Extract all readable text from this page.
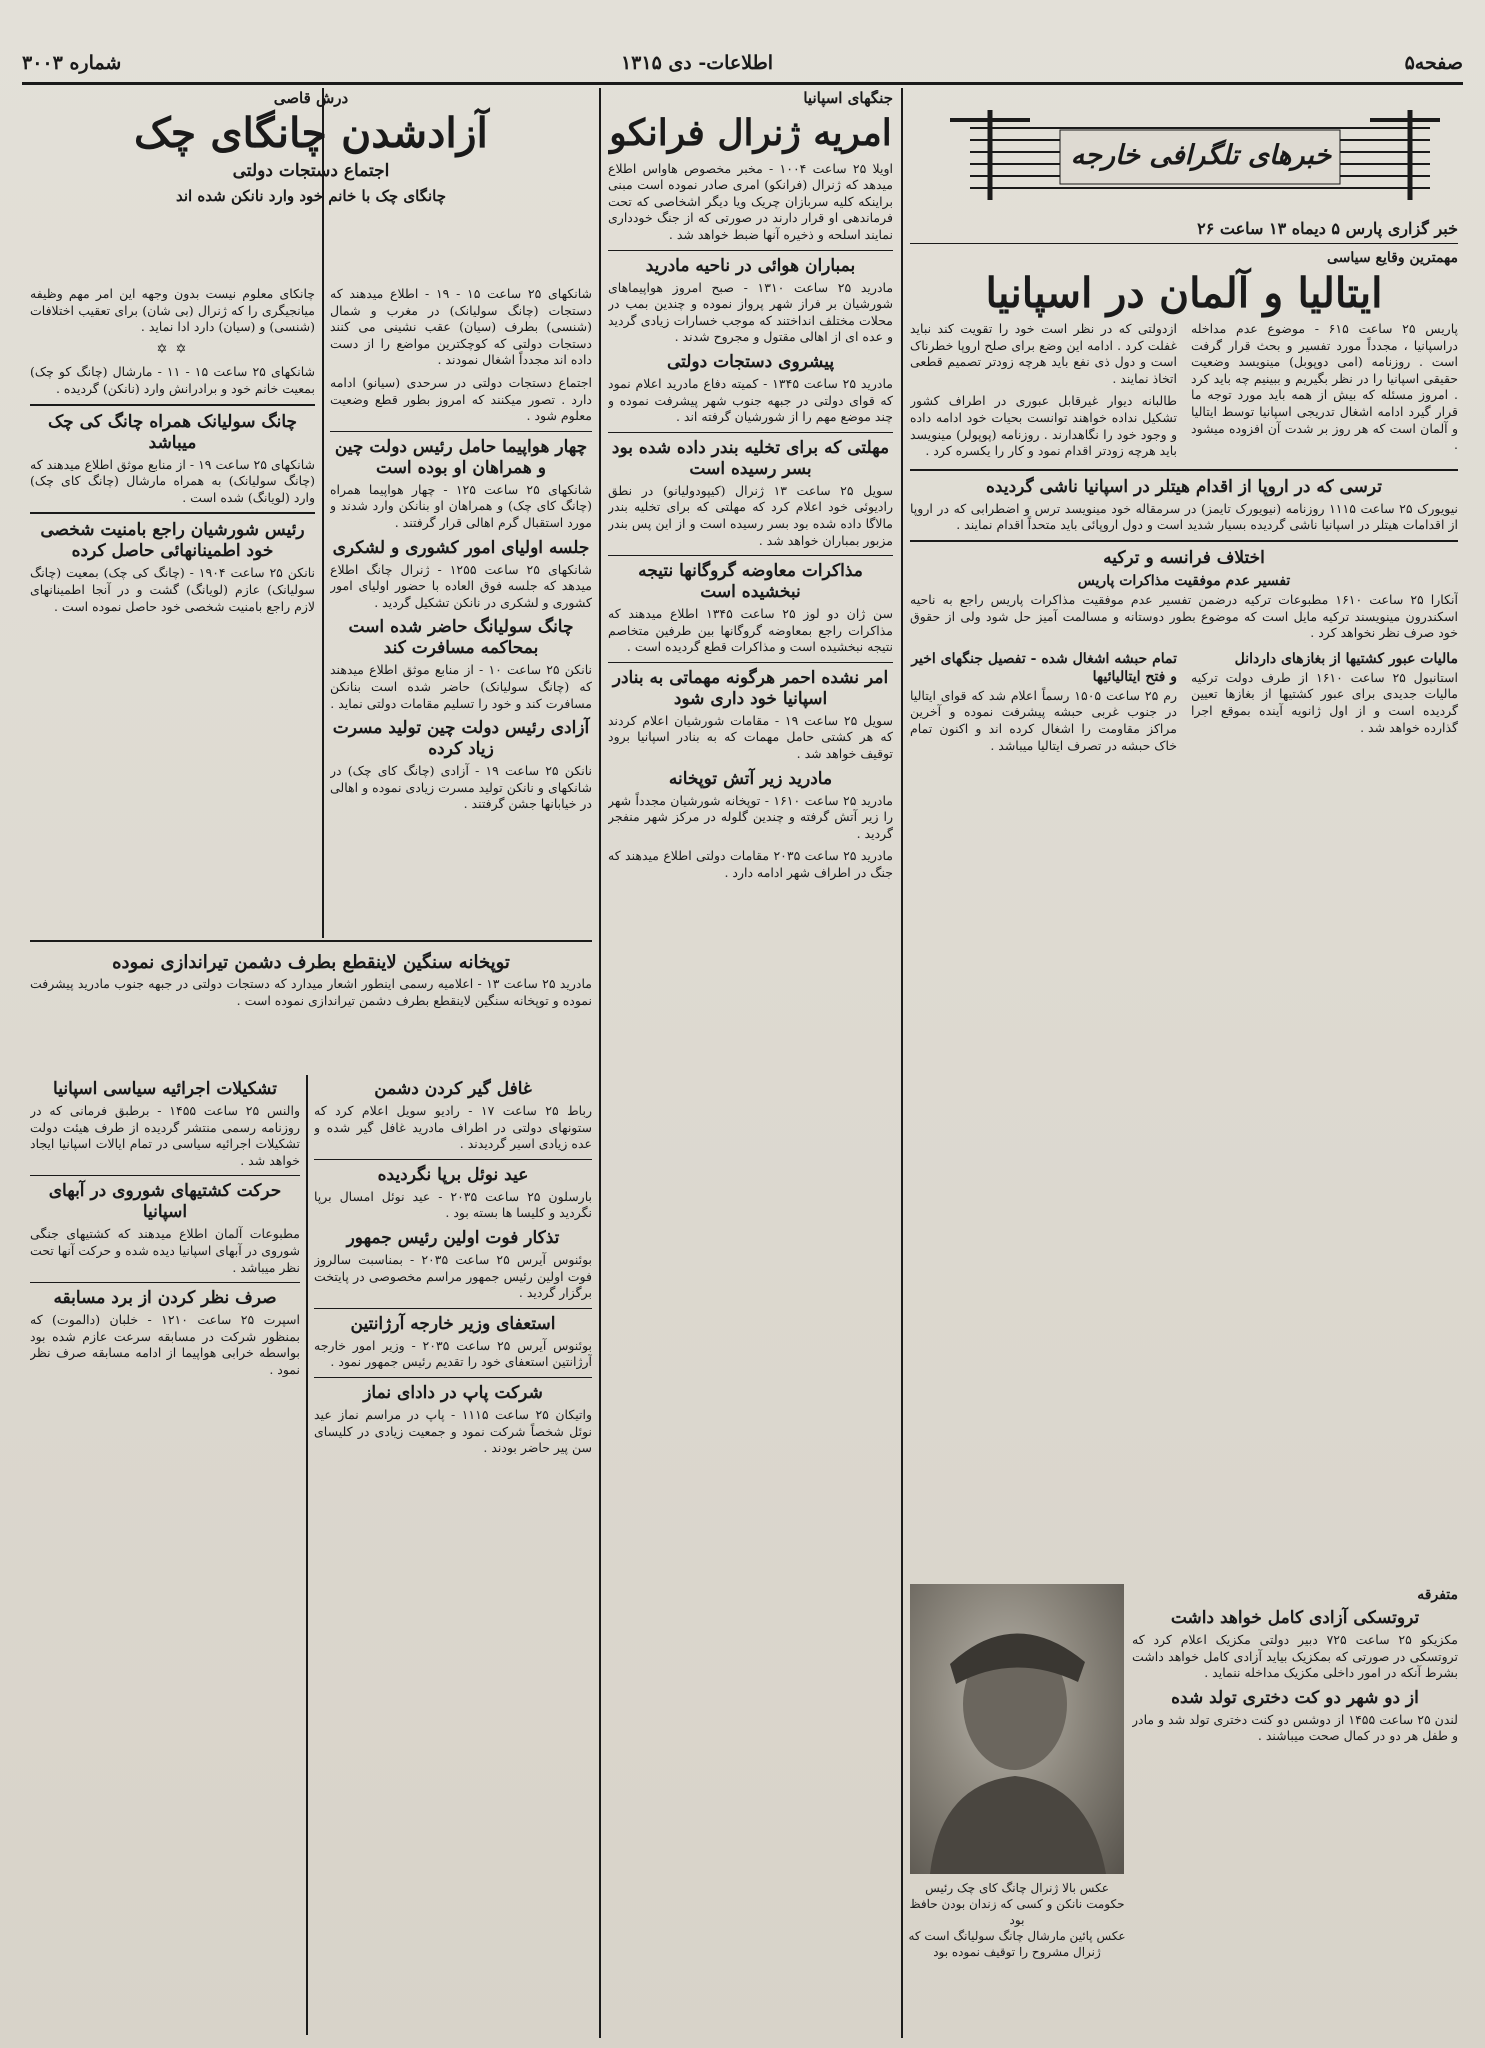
صفحه۵
اطلاعات- دی ۱۳۱۵
شماره ۳۰۰۳
خبرهای تلگرافی خارجه
خبر گزاری پارس ۵ دیماه ۱۳ ساعت ۲۶
مهمترین وقایع سیاسی
ایتالیا و آلمان در اسپانیا

پاریس ۲۵ ساعت ۶۱۵ - موضوع عدم مداخله دراسپانیا ، مجدداً مورد تفسیر و بحث قرار گرفت است . روزنامه (امی دوپوبل) مینویسد وضعیت حقیقی اسپانیا را در نظر بگیریم و ببینیم چه باید کرد . امروز مسئله که بیش از همه باید مورد توجه ما قرار گیرد ادامه اشغال تدریجی اسپانیا توسط ایتالیا و آلمان است که هر روز بر شدت آن افزوده میشود .

ازدولتی که در نظر است خود را تقویت کند نباید غفلت کرد . ادامه این وضع برای صلح اروپا خطرناک است و دول ذی نفع باید هرچه زودتر تصمیم قطعی اتخاذ نمایند .

طالبانه دیوار غیرقابل عبوری در اطراف کشور تشکیل نداده خواهند توانست بحیات خود ادامه داده و وجود خود را نگاهدارند . روزنامه (پوپولر) مینویسد باید هرچه زودتر اقدام نمود و کار را یکسره کرد .

ترسی که در اروپا از اقدام هیتلر در اسپانیا ناشی گردیده

نیویورک ۲۵ ساعت ۱۱۱۵ روزنامه (نیویورک تایمز) در سرمقاله خود مینویسد ترس و اضطرابی که در اروپا از اقدامات هیتلر در اسپانیا ناشی گردیده بسیار شدید است و دول اروپائی باید متحداً اقدام نمایند .

اختلاف فرانسه و ترکیه
تفسیر عدم موفقیت مذاکرات پاریس

آنکارا ۲۵ ساعت ۱۶۱۰ مطبوعات ترکیه درضمن تفسیر عدم موفقیت مذاکرات پاریس راجع به ناحیه اسکندرون مینویسند ترکیه مایل است که موضوع بطور دوستانه و مسالمت آمیز حل شود ولی از حقوق خود صرف نظر نخواهد کرد .

مالیات عبور کشتیها از بغازهای داردانل

استانبول ۲۵ ساعت ۱۶۱۰ از طرف دولت ترکیه مالیات جدیدی برای عبور کشتیها از بغازها تعیین گردیده است و از اول ژانویه آینده بموقع اجرا گذارده خواهد شد .

تمام حبشه اشغال شده - تفصیل جنگهای اخیر و فتح ایتالیائیها

رم ۲۵ ساعت ۱۵۰۵ رسماً اعلام شد که قوای ایتالیا در جنوب غربی حبشه پیشرفت نموده و آخرین مراکز مقاومت را اشغال کرده اند و اکنون تمام خاک حبشه در تصرف ایتالیا میباشد .

متفرقه
تروتسکی آزادی کامل خواهد داشت

مکزیکو ۲۵ ساعت ۷۲۵ دبیر دولتی مکزیک اعلام کرد که تروتسکی در صورتی که بمکزیک بیاید آزادی کامل خواهد داشت بشرط آنکه در امور داخلی مکزیک مداخله ننماید .

از دو شهر دو کت دختری تولد شده

لندن ۲۵ ساعت ۱۴۵۵ از دوشس دو کنت دختری تولد شد و مادر و طفل هر دو در کمال صحت میباشند .

عکس بالا ژنرال چانگ کای چک رئیس حکومت نانکن و کسی که زندان بودن حافظ بود
عکس پائین مارشال چانگ سولیانگ است که ژنرال مشروح را توقیف نموده بود
جنگهای اسپانیا
امریه ژنرال فرانکو

اویلا ۲۵ ساعت ۱۰۰۴ - مخبر مخصوص هاواس اطلاع میدهد که ژنرال (فرانکو) امری صادر نموده است مبنی براینکه کلیه سربازان چریک ویا دیگر اشخاصی که تحت فرماندهی او قرار دارند در صورتی که از جنگ خودداری نمایند اسلحه و ذخیره آنها ضبط خواهد شد .

بمباران هوائی در ناحیه مادرید

مادرید ۲۵ ساعت ۱۳۱۰ - صبح امروز هواپیماهای شورشیان بر فراز شهر پرواز نموده و چندین بمب در محلات مختلف انداختند که موجب خسارات زیادی گردید و عده ای از اهالی مقتول و مجروح شدند .

پیشروی دستجات دولتی

مادرید ۲۵ ساعت ۱۳۴۵ - کمیته دفاع مادرید اعلام نمود که قوای دولتی در جبهه جنوب شهر پیشرفت نموده و چند موضع مهم را از شورشیان گرفته اند .

مهلتی که برای تخلیه بندر داده شده بود بسر رسیده است

سویل ۲۵ ساعت ۱۳ ژنرال (کیپودولیانو) در نطق رادیوئی خود اعلام کرد که مهلتی که برای تخلیه بندر مالاگا داده شده بود بسر رسیده است و از این پس بندر مزبور بمباران خواهد شد .

مذاکرات معاوضه گروگانها نتیجه نبخشیده است

سن ژان دو لوز ۲۵ ساعت ۱۳۴۵ اطلاع میدهند که مذاکرات راجع بمعاوضه گروگانها بین طرفین متخاصم نتیجه نبخشیده است و مذاکرات قطع گردیده است .

امر نشده احمر هرگونه مهماتی به بنادر اسپانیا خود داری شود

سویل ۲۵ ساعت ۱۹ - مقامات شورشیان اعلام کردند که هر کشتی حامل مهمات که به بنادر اسپانیا برود توقیف خواهد شد .

مادرید زیر آتش توپخانه

مادرید ۲۵ ساعت ۱۶۱۰ - توپخانه شورشیان مجدداً شهر را زیر آتش گرفته و چندین گلوله در مرکز شهر منفجر گردید .

مادرید ۲۵ ساعت ۲۰۳۵ مقامات دولتی اطلاع میدهند که جنگ در اطراف شهر ادامه دارد .

درش قاصی
آزادشدن چانگای چک
اجتماع دستجات دولتی
چانگای چک با خانم خود وارد نانکن شده اند

شانکهای ۲۵ ساعت ۱۵ - ۱۹ - اطلاع میدهند که دستجات (چانگ سولیانک) در مغرب و شمال (شنسی) بطرف (سیان) عقب نشینی می کنند دستجات دولتی که کوچکترین مواضع را از دست داده اند مجدداً اشغال نمودند .

اجتماع دستجات دولتی در سرحدی (سیانو) ادامه دارد . تصور میکنند که امروز بطور قطع وضعیت معلوم شود .

چهار هواپیما حامل رئیس دولت چین و همراهان او بوده است

شانکهای ۲۵ ساعت ۱۲۵ - چهار هواپیما همراه (چانگ کای چک) و همراهان او بنانکن وارد شدند و مورد استقبال گرم اهالی قرار گرفتند .

جلسه اولیای امور کشوری و لشکری

شانکهای ۲۵ ساعت ۱۲۵۵ - ژنرال چانگ اطلاع میدهد که جلسه فوق العاده با حضور اولیای امور کشوری و لشکری در نانکن تشکیل گردید .

چانگ سولیانگ حاضر شده است بمحاکمه مسافرت کند

نانکن ۲۵ ساعت ۱۰ - از منابع موثق اطلاع میدهند که (چانگ سولیانک) حاضر شده است بنانکن مسافرت کند و خود را تسلیم مقامات دولتی نماید .

آزادی رئیس دولت چین تولید مسرت زیاد کرده

نانکن ۲۵ ساعت ۱۹ - آزادی (چانگ کای چک) در شانکهای و نانکن تولید مسرت زیادی نموده و اهالی در خیابانها جشن گرفتند .

چانکای معلوم نیست بدون وجهه این امر مهم وظیفه میانجیگری را که ژنرال (بی شان) برای تعقیب اختلافات (شنسی) و (سیان) دارد ادا نماید .

✡ ✡

شانکهای ۲۵ ساعت ۱۵ - ۱۱ - مارشال (چانگ کو چک) بمعیت خانم خود و برادرانش وارد (نانکن) گردیده .

چانگ سولیانک همراه چانگ کی چک میباشد

شانکهای ۲۵ ساعت ۱۹ - از منابع موثق اطلاع میدهند که (چانگ سولیانک) به همراه مارشال (چانگ کای چک) وارد (لویانگ) شده است .

رئیس شورشیان راجع بامنیت شخصی خود اطمینانهائی حاصل کرده

نانکن ۲۵ ساعت ۱۹۰۴ - (چانگ کی چک) بمعیت (چانگ سولیانک) عازم (لویانگ) گشت و در آنجا اطمینانهای لازم راجع بامنیت شخصی خود حاصل نموده است .

توپخانه سنگین لاینقطع بطرف دشمن تیراندازی نموده

مادرید ۲۵ ساعت ۱۳ - اعلامیه رسمی اینطور اشعار میدارد که دستجات دولتی در جبهه جنوب مادرید پیشرفت نموده و توپخانه سنگین لاینقطع بطرف دشمن تیراندازی نموده است .

غافل گیر کردن دشمن

رباط ۲۵ ساعت ۱۷ - رادیو سویل اعلام کرد که ستونهای دولتی در اطراف مادرید غافل گیر شده و عده زیادی اسیر گردیدند .

عید نوئل برپا نگردیده

بارسلون ۲۵ ساعت ۲۰۳۵ - عید نوئل امسال برپا نگردید و کلیسا ها بسته بود .

تذکار فوت اولین رئیس جمهور

بوئنوس آیرس ۲۵ ساعت ۲۰۳۵ - بمناسبت سالروز فوت اولین رئیس جمهور مراسم مخصوصی در پایتخت برگزار گردید .

استعفای وزیر خارجه آرژانتین

بوئنوس آیرس ۲۵ ساعت ۲۰۳۵ - وزیر امور خارجه آرژانتین استعفای خود را تقدیم رئیس جمهور نمود .

شرکت پاپ در دادای نماز

واتیکان ۲۵ ساعت ۱۱۱۵ - پاپ در مراسم نماز عید نوئل شخصاً شرکت نمود و جمعیت زیادی در کلیسای سن پیر حاضر بودند .

تشکیلات اجرائیه سیاسی اسپانیا

والنس ۲۵ ساعت ۱۴۵۵ - برطبق فرمانی که در روزنامه رسمی منتشر گردیده از طرف هیئت دولت تشکیلات اجرائیه سیاسی در تمام ایالات اسپانیا ایجاد خواهد شد .

حرکت کشتیهای شوروی در آبهای اسپانیا

مطبوعات آلمان اطلاع میدهند که کشتیهای جنگی شوروی در آبهای اسپانیا دیده شده و حرکت آنها تحت نظر میباشد .

صرف نظر کردن از برد مسابقه

اسپرت ۲۵ ساعت ۱۲۱۰ - خلبان (دالموت) که بمنظور شرکت در مسابقه سرعت عازم شده بود بواسطه خرابی هواپیما از ادامه مسابقه صرف نظر نمود .
